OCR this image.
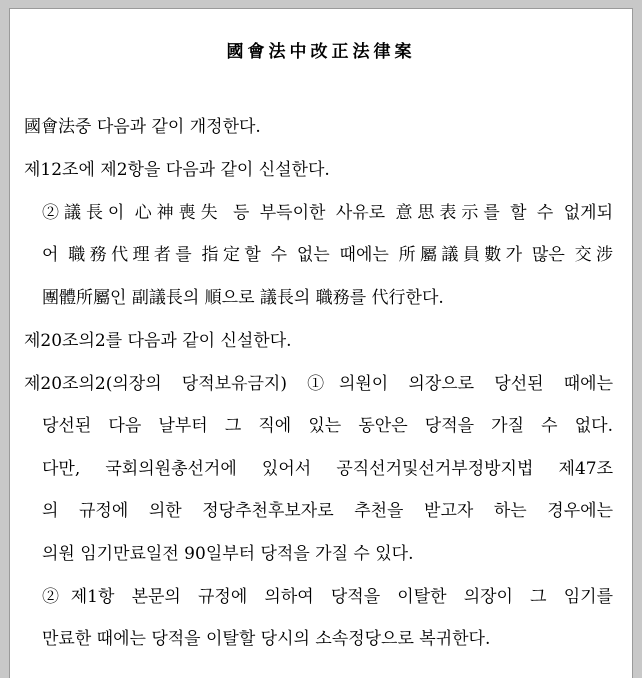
國會法中改正法律案
國會法중 다음과 같이 개정한다.
제12조에 제2항을 다음과 같이 신설한다.
②議長이 心神喪失 등 부득이한 사유로 意思表示를 할 수 없게되
어 職務代理者를 指定할 수 없는 때에는 所屬議員數가 많은 交涉
團體所屬인 副議長의 順으로 議長의 職務를 代行한다.
제20조의2를 다음과 같이 신설한다.
제20조의2(의장의 당적보유금지) ①의원이 의장으로 당선된 때에는
당선된 다음 날부터 그 직에 있는 동안은 당적을 가질 수 없다.
다만, 국회의원총선거에 있어서 공직선거및선거부정방지법 제47조
의 규정에 의한 정당추천후보자로 추천을 받고자 하는 경우에는
의원 임기만료일전 90일부터 당적을 가질 수 있다.
②제1항 본문의 규정에 의하여 당적을 이탈한 의장이 그 임기를
만료한 때에는 당적을 이탈할 당시의 소속정당으로 복귀한다.
